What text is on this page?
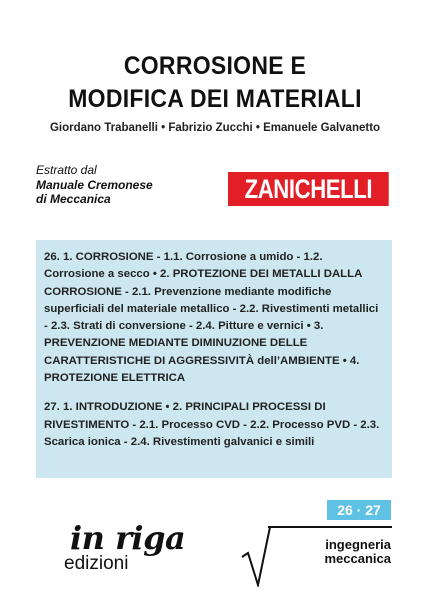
CORROSIONE E
MODIFICA DEI MATERIALI
Giordano Trabanelli • Fabrizio Zucchi • Emanuele Galvanetto
Estratto dal
Manuale Cremonese
di Meccanica	ZANICHELLI

26. 1. CORROSIONE - 1.1. Corrosione a umido - 1.2. Corrosione a secco • 2. PROTEZIONE DEI METALLI DALLA CORROSIONE - 2.1. Prevenzione mediante modifiche superficiali del materiale metallico - 2.2. Rivestimenti metallici - 2.3. Strati di conversione - 2.4. Pitture e vernici • 3. PREVENZIONE MEDIANTE DIMINUZIONE DELLE CARATTERISTICHE DI AGGRESSIVITÀ dell’AMBIENTE • 4. PROTEZIONE ELETTRICA

27. 1. INTRODUZIONE • 2. PRINCIPALI PROCESSI DI RIVESTIMENTO - 2.1. Processo CVD - 2.2. Processo PVD - 2.3. Scarica ionica - 2.4. Rivestimenti galvanici e simili

26 · 27
in riga
edizioni
ingegneria
meccanica
